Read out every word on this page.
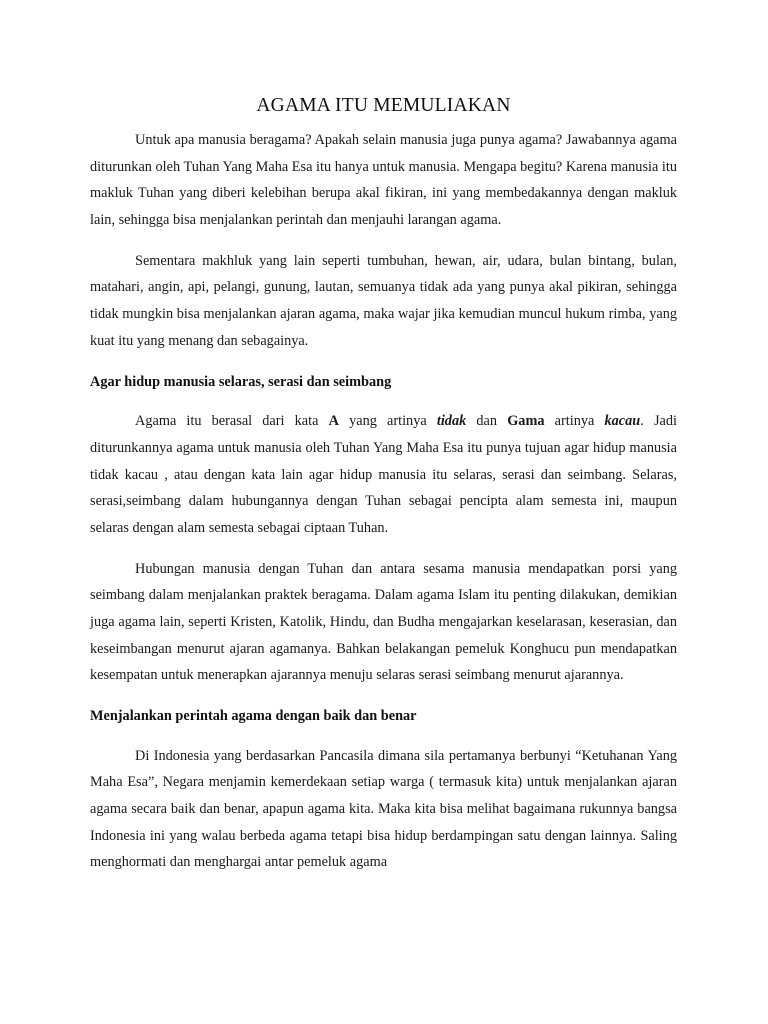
AGAMA ITU MEMULIAKAN

Untuk apa manusia beragama? Apakah selain manusia juga punya agama? Jawabannya agama diturunkan oleh Tuhan Yang Maha Esa itu hanya untuk manusia. Mengapa begitu? Karena manusia itu makluk Tuhan yang diberi kelebihan berupa akal fikiran, ini yang membedakannya dengan makluk lain, sehingga bisa menjalankan perintah dan menjauhi larangan agama.

Sementara makhluk yang lain seperti tumbuhan, hewan, air, udara, bulan bintang, bulan, matahari, angin, api, pelangi, gunung, lautan, semuanya tidak ada yang punya akal pikiran, sehingga tidak mungkin bisa menjalankan ajaran agama, maka wajar jika kemudian muncul hukum rimba, yang kuat itu yang menang dan sebagainya.

Agar hidup manusia selaras, serasi dan seimbang

Agama itu berasal dari kata A yang artinya tidak dan Gama artinya kacau. Jadi diturunkannya agama untuk manusia oleh Tuhan Yang Maha Esa itu punya tujuan agar hidup manusia tidak kacau , atau dengan kata lain agar hidup manusia itu selaras, serasi dan seimbang. Selaras, serasi,seimbang dalam hubungannya dengan Tuhan sebagai pencipta alam semesta ini, maupun selaras dengan alam semesta sebagai ciptaan Tuhan.

Hubungan manusia dengan Tuhan dan antara sesama manusia mendapatkan porsi yang seimbang dalam menjalankan praktek beragama. Dalam agama Islam itu penting dilakukan, demikian juga agama lain, seperti Kristen, Katolik, Hindu, dan Budha mengajarkan keselarasan, keserasian, dan keseimbangan menurut ajaran agamanya. Bahkan belakangan pemeluk Konghucu pun mendapatkan kesempatan untuk menerapkan ajarannya menuju selaras serasi seimbang menurut ajarannya.

Menjalankan perintah agama dengan baik dan benar

Di Indonesia yang berdasarkan Pancasila dimana sila pertamanya berbunyi “Ketuhanan Yang Maha Esa”, Negara menjamin kemerdekaan setiap warga ( termasuk kita) untuk menjalankan ajaran agama secara baik dan benar, apapun agama kita. Maka kita bisa melihat bagaimana rukunnya bangsa Indonesia ini yang walau berbeda agama tetapi bisa hidup berdampingan satu dengan lainnya. Saling menghormati dan menghargai antar pemeluk agama
